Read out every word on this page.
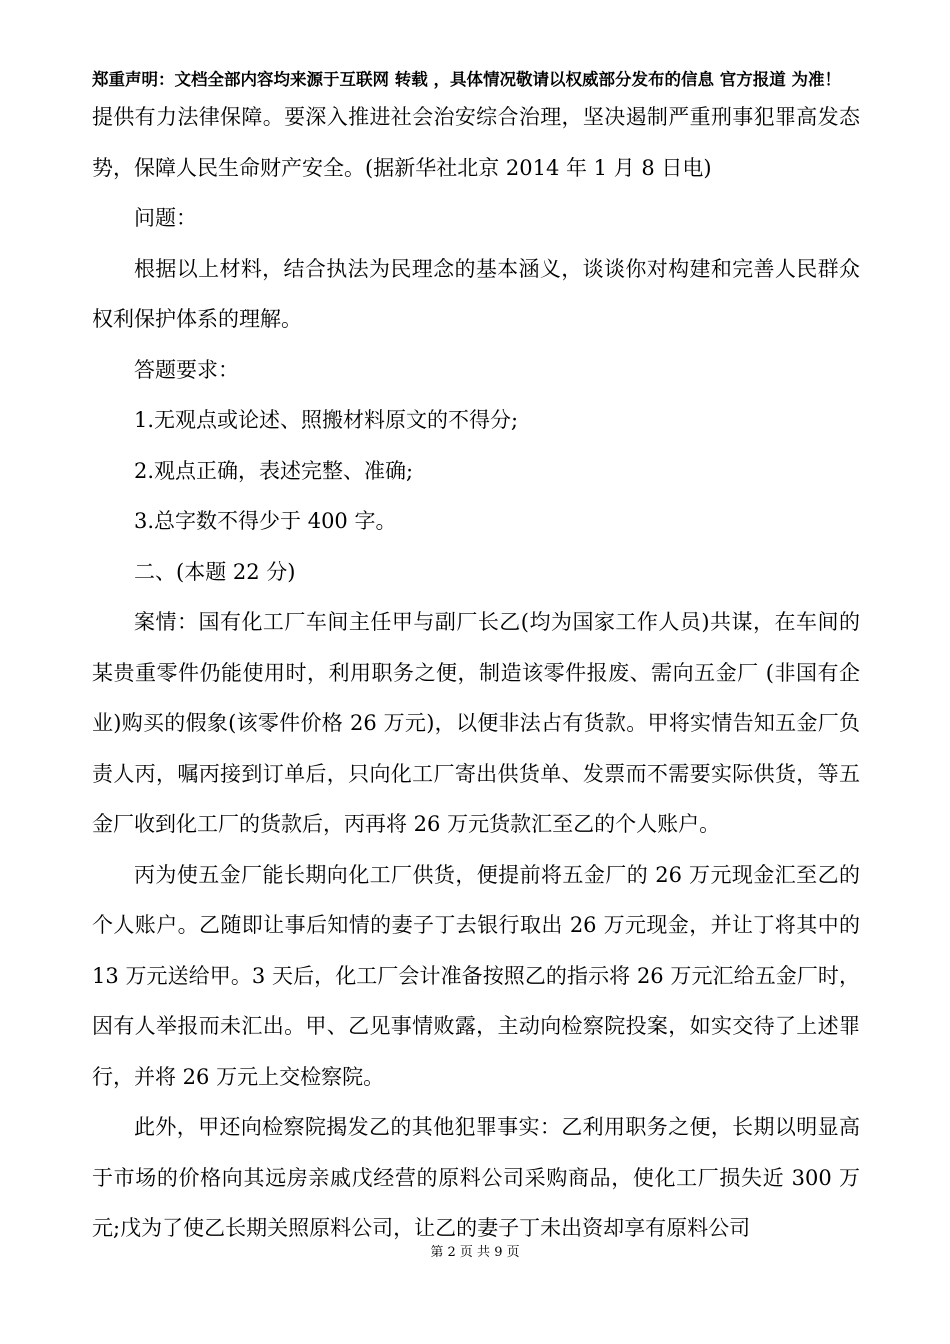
郑重声明：文档全部内容均来源于互联网 转载 ，具体情况敬请以权威部分发布的信息 官方报道 为准！

提供有力法律保障。要深入推进社会治安综合治理，坚决遏制严重刑事犯罪高发态势，保障人民生命财产安全。(据新华社北京 2014 年 1 月 8 日电)

问题：

根据以上材料，结合执法为民理念的基本涵义，谈谈你对构建和完善人民群众权利保护体系的理解。

答题要求：

1.无观点或论述、照搬材料原文的不得分;

2.观点正确，表述完整、准确;

3.总字数不得少于 400 字。

二、(本题 22 分)

案情：国有化工厂车间主任甲与副厂长乙(均为国家工作人员)共谋，在车间的某贵重零件仍能使用时，利用职务之便，制造该零件报废、需向五金厂 (非国有企业)购买的假象(该零件价格 26 万元)，以便非法占有货款。甲将实情告知五金厂负责人丙，嘱丙接到订单后，只向化工厂寄出供货单、发票而不需要实际供货，等五金厂收到化工厂的货款后，丙再将 26 万元货款汇至乙的个人账户。

丙为使五金厂能长期向化工厂供货，便提前将五金厂的 26 万元现金汇至乙的个人账户。乙随即让事后知情的妻子丁去银行取出 26 万元现金，并让丁将其中的 13 万元送给甲。3 天后，化工厂会计准备按照乙的指示将 26 万元汇给五金厂时，因有人举报而未汇出。甲、乙见事情败露，主动向检察院投案，如实交待了上述罪行，并将 26 万元上交检察院。

此外，甲还向检察院揭发乙的其他犯罪事实：乙利用职务之便，长期以明显高于市场的价格向其远房亲戚戊经营的原料公司采购商品，使化工厂损失近 300 万元;戊为了使乙长期关照原料公司，让乙的妻子丁未出资却享有原料公司

第 2 页 共 9 页
